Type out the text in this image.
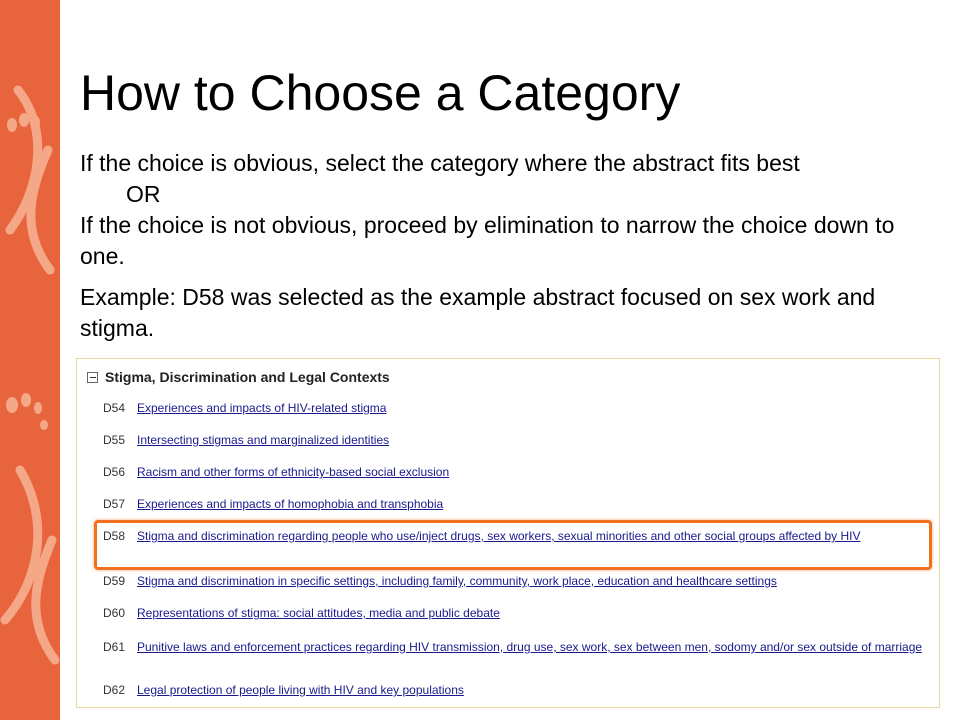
How to Choose a Category

If the choice is obvious, select the category where the abstract fits best

OR

If the choice is not obvious, proceed by elimination to narrow the choice down to one.

Example: D58 was selected as the example abstract focused on sex work and stigma.

Stigma, Discrimination and Legal Contexts
D54 Experiences and impacts of HIV-related stigma
D55 Intersecting stigmas and marginalized identities
D56 Racism and other forms of ethnicity-based social exclusion
D57 Experiences and impacts of homophobia and transphobia
D58 Stigma and discrimination regarding people who use/inject drugs, sex workers, sexual minorities and other social groups affected by HIV
D59 Stigma and discrimination in specific settings, including family, community, work place, education and healthcare settings
D60 Representations of stigma: social attitudes, media and public debate
D61 Punitive laws and enforcement practices regarding HIV transmission, drug use, sex work, sex between men, sodomy and/or sex outside of marriage
D62 Legal protection of people living with HIV and key populations
